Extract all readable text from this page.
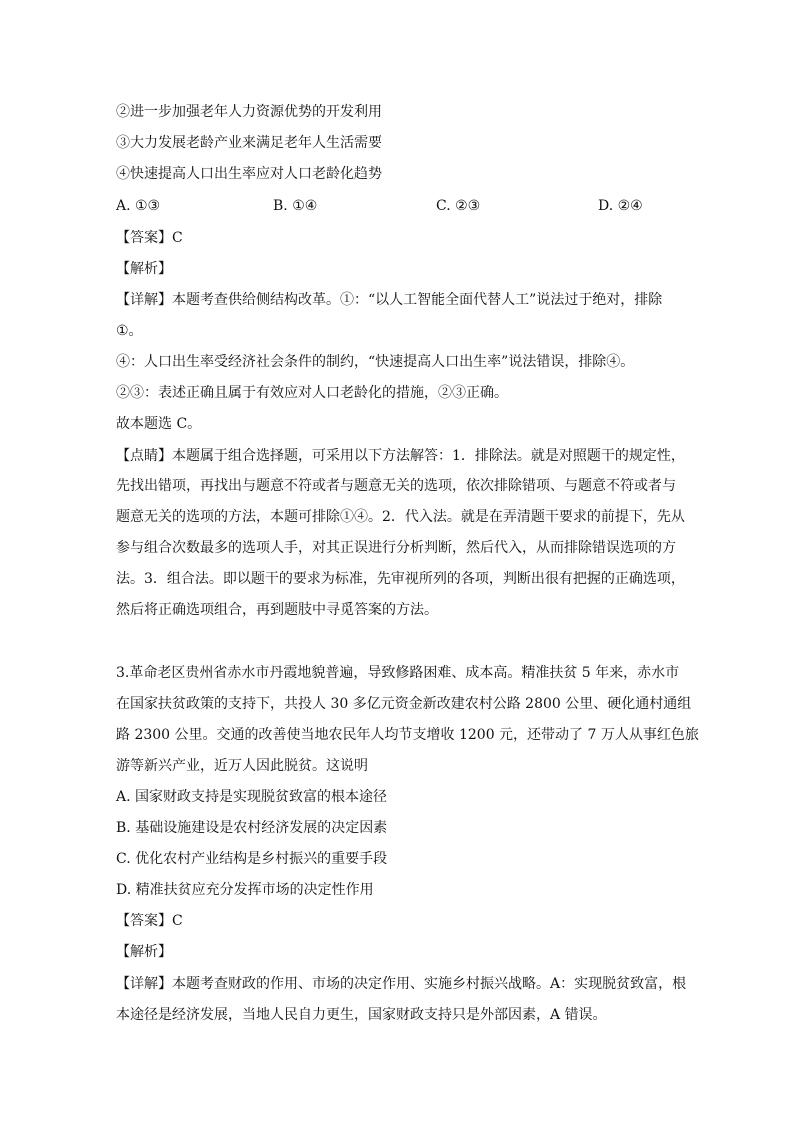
②进一步加强老年人力资源优势的开发利用
③大力发展老龄产业来满足老年人生活需要
④快速提高人口出生率应对人口老龄化趋势
A. ①③	B. ①④	C. ②③	D. ②④
【答案】C
【解析】
【详解】本题考查供给侧结构改革。①：“以人工智能全面代替人工”说法过于绝对，排除
①。
④：人口出生率受经济社会条件的制约，“快速提高人口出生率”说法错误，排除④。
②③：表述正确且属于有效应对人口老龄化的措施，②③正确。
故本题选 C。
【点睛】本题属于组合选择题，可采用以下方法解答：1．排除法。就是对照题干的规定性，
先找出错项，再找出与题意不符或者与题意无关的选项，依次排除错项、与题意不符或者与
题意无关的选项的方法，本题可排除①④。2．代入法。就是在弄清题干要求的前提下，先从
参与组合次数最多的选项人手，对其正误进行分析判断，然后代入，从而排除错误选项的方
法。3．组合法。即以题干的要求为标准，先审视所列的各项，判断出很有把握的正确选项，
然后将正确选项组合，再到题肢中寻觅答案的方法。
3.革命老区贵州省赤水市丹霞地貌普遍，导致修路困难、成本高。精准扶贫 5 年来，赤水市
在国家扶贫政策的支持下，共投人 30 多亿元资金新改建农村公路 2800 公里、硬化通村通组
路 2300 公里。交通的改善使当地农民年人均节支增收 1200 元，还带动了 7 万人从事红色旅
游等新兴产业，近万人因此脱贫。这说明
A. 国家财政支持是实现脱贫致富的根本途径
B. 基础设施建设是农村经济发展的决定因素
C. 优化农村产业结构是乡村振兴的重要手段
D. 精准扶贫应充分发挥市场的决定性作用
【答案】C
【解析】
【详解】本题考查财政的作用、市场的决定作用、实施乡村振兴战略。A：实现脱贫致富，根
本途径是经济发展，当地人民自力更生，国家财政支持只是外部因素，A 错误。
